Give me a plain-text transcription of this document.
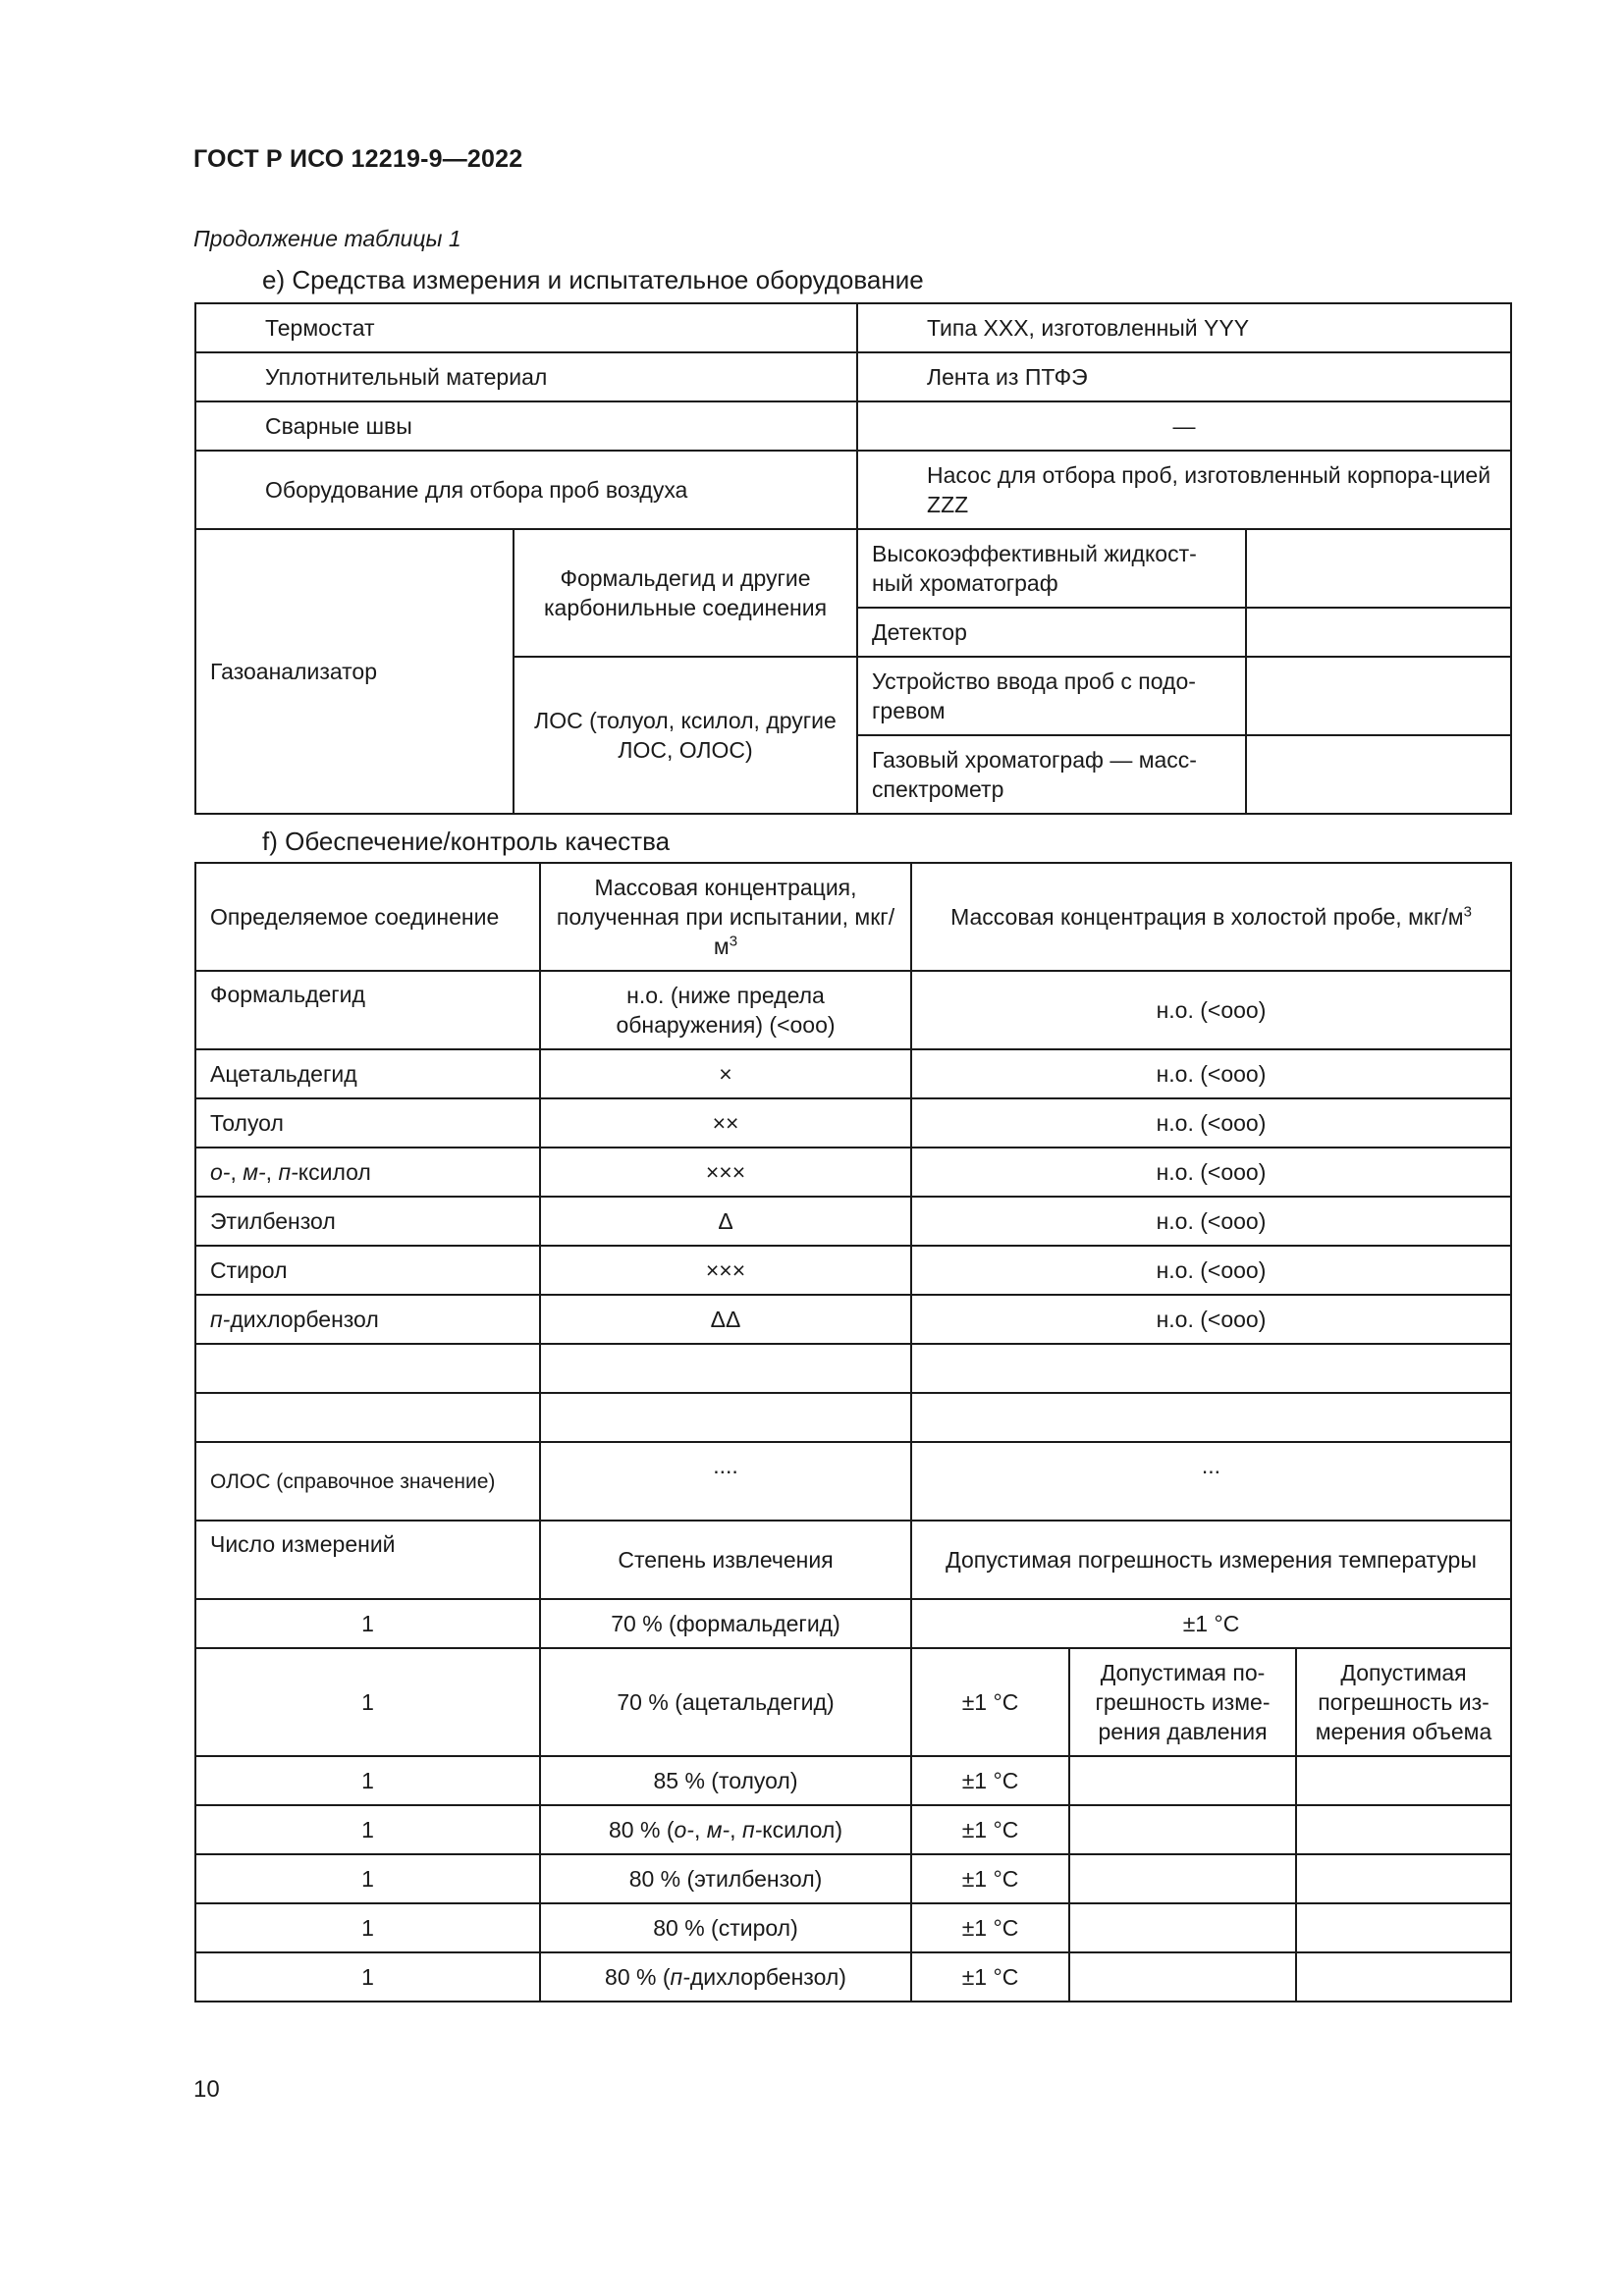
ГОСТ Р ИСО 12219-9—2022
Продолжение таблицы 1
е) Средства измерения и испытательное оборудование
Термостат		Типа XXX, изготовленный YYY	
Уплотнительный материал		Лента из ПТФЭ	
Сварные швы		—	
Оборудование для отбора проб воздуха		Насос для отбора проб, изготовленный корпора-цией ZZZ	
Газоанализатор	Формальдегид и другие карбонильные соединения	Высокоэффективный жидкост-ный хроматограф	
		Детектор	
	ЛОС (толуол, ксилол, другие ЛОС, ОЛОС)	Устройство ввода проб с подо-гревом	
		Газовый хроматограф — масс-спектрометр	
f) Обеспечение/контроль качества
Определяемое соединение	Массовая концентрация, полученная при испытании, мкг/$м^3$	Массовая концентрация в холостой пробе, мкг/$м^3$
Формальдегид	н.о. (ниже предела обнаружения) (<ооо)	н.о. (<ооо)		
Ацетальдегид	×	н.о. (<ооо)		
Толуол	××	н.о. (<ооо)		
о-, м-, п-ксилол	×××	н.о. (<ооо)		
Этилбензол	Δ	н.о. (<ооо)		
Стирол	×××	н.о. (<ооо)		
п-дихлорбензол	ΔΔ	н.о. (<ооо)		

ОЛОС (справочное значение)	....	...		
Число измерений	Степень извлечения	Допустимая погрешность измерения температуры		
1	70 % (формальдегид)	±1 °C		
1	70 % (ацетальдегид)	±1 °C	Допустимая по-грешность изме-рения давления	Допустимая погрешность из-мерения объема
1	85 % (толуол)	±1 °C		
1	80 % (о-, м-, п-ксилол)	±1 °C		
1	80 % (этилбензол)	±1 °C		
1	80 % (стирол)	±1 °C		
1	80 % (п-дихлорбензол)	±1 °C		
10
